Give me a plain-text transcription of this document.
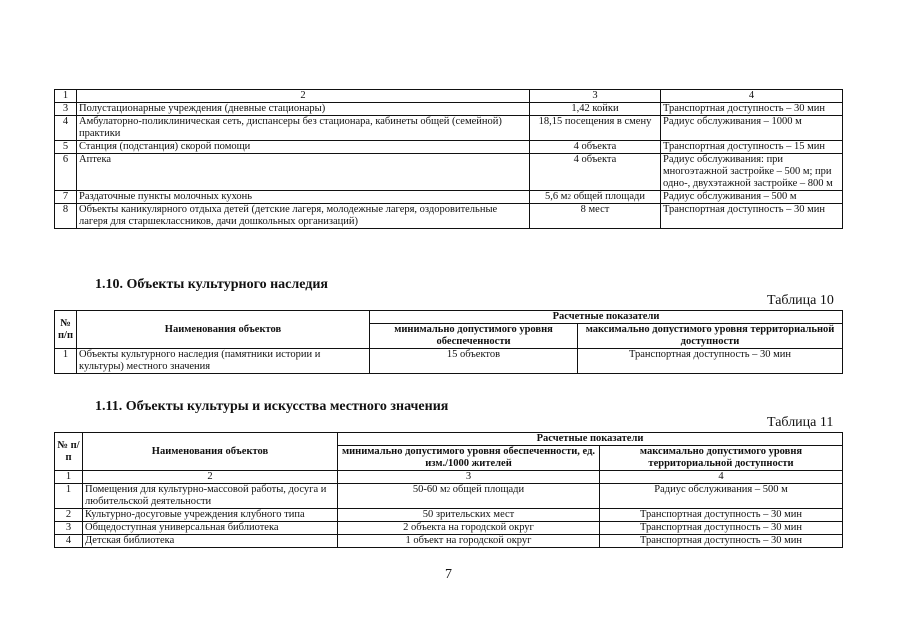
1	2	3	4
3	Полустационарные учреждения (дневные стационары)	1,42 койки	Транспортная доступность – 30 мин
4	Амбулаторно-поликлиническая сеть, диспансеры без стационара, кабинеты общей (семейной) практики	18,15 посещения в смену	Радиус обслуживания – 1000 м
5	Станция (подстанция) скорой помощи	4 объекта	Транспортная доступность – 15 мин
6	Аптека	4 объекта	Радиус обслуживания: при многоэтажной застройке – 500 м; при одно-, двухэтажной застройке – 800 м
7	Раздаточные пункты молочных кухонь	5,6 $м^2$ общей площади	Радиус обслуживания – 500 м
8	Объекты каникулярного отдыха детей (детские лагеря, молодежные лагеря, оздоровительные лагеря для старшеклассников, дачи дошкольных организаций)	8 мест	Транспортная доступность – 30 мин
1.10. Объекты культурного наследия
Таблица 10
№ п/п	Наименования объектов	Расчетные показатели	
		минимально допустимого уровня обеспеченности	максимально допустимого уровня территориальной доступности
1	Объекты культурного наследия (памятники истории и культуры) местного значения	15 объектов	Транспортная доступность – 30 мин
1.11. Объекты культуры и искусства местного значения
Таблица 11
№ п/п	Наименования объектов	Расчетные показатели	
		минимально допустимого уровня обеспеченности, ед. изм./1000 жителей	максимально допустимого уровня территориальной доступности
1	2	3	4
1	Помещения для культурно-массовой работы, досуга и любительской деятельности	50-60 $м^2$ общей площади	Радиус обслуживания – 500 м
2	Культурно-досуговые учреждения клубного типа	50 зрительских мест	Транспортная доступность – 30 мин
3	Общедоступная универсальная библиотека	2 объекта на городской округ	Транспортная доступность – 30 мин
4	Детская библиотека	1 объект на городской округ	Транспортная доступность – 30 мин
7
